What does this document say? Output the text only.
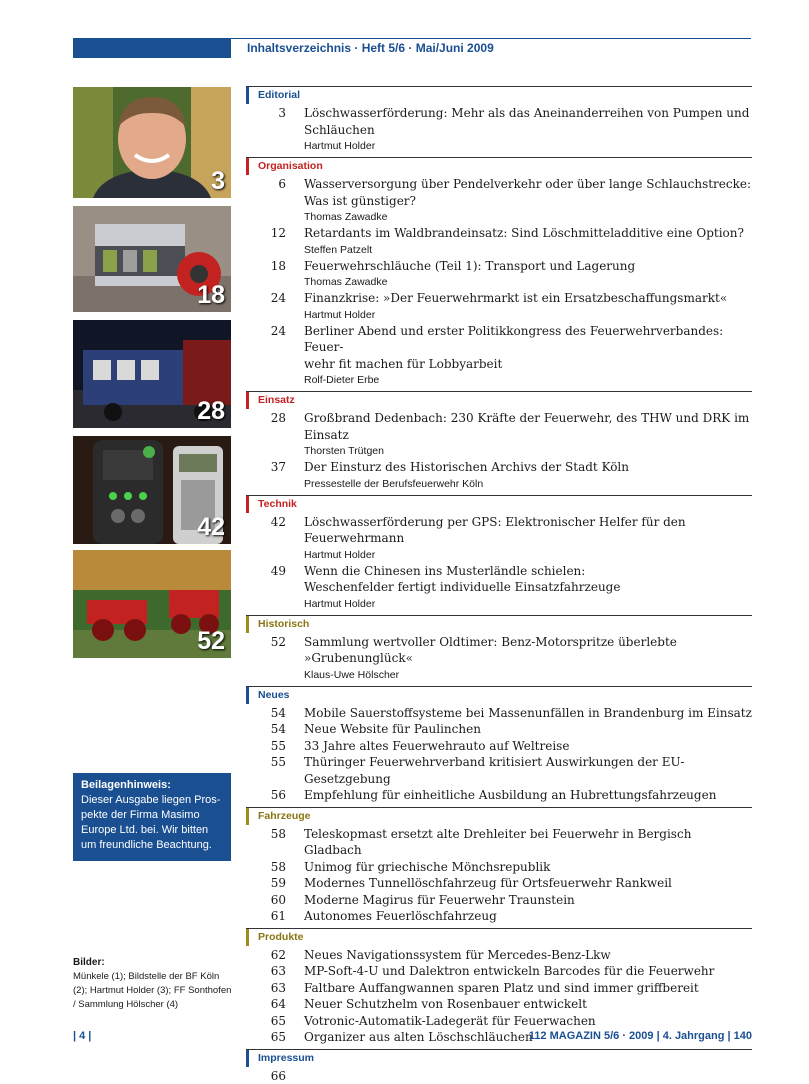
Inhaltsverzeichnis · Heft 5/6 · Mai/Juni 2009
3
18
28
42
52
Editorial
3 Löschwasserförderung: Mehr als das Aneinanderreihen von Pumpen und Schläuchen
Hartmut Holder
Organisation
6 Wasserversorgung über Pendelverkehr oder über lange Schlauchstrecke:
Was ist günstiger?
Thomas Zawadke
12 Retardants im Waldbrandeinsatz: Sind Löschmitteladditive eine Option?
Steffen Patzelt
18 Feuerwehrschläuche (Teil 1): Transport und Lagerung
Thomas Zawadke
24 Finanzkrise: »Der Feuerwehrmarkt ist ein Ersatzbeschaffungsmarkt«
Hartmut Holder
24 Berliner Abend und erster Politikkongress des Feuerwehrverbandes: Feuer-
wehr fit machen für Lobbyarbeit
Rolf-Dieter Erbe
Einsatz
28 Großbrand Dedenbach: 230 Kräfte der Feuerwehr, des THW und DRK im Einsatz
Thorsten Trütgen
37 Der Einsturz des Historischen Archivs der Stadt Köln
Pressestelle der Berufsfeuerwehr Köln
Technik
42 Löschwasserförderung per GPS: Elektronischer Helfer für den Feuerwehrmann
Hartmut Holder
49 Wenn die Chinesen ins Musterländle schielen:
Weschenfelder fertigt individuelle Einsatzfahrzeuge
Hartmut Holder
Historisch
52 Sammlung wertvoller Oldtimer: Benz-Motorspritze überlebte »Grubenunglück«
Klaus-Uwe Hölscher
Neues
54 Mobile Sauerstoffsysteme bei Massenunfällen in Brandenburg im Einsatz
54 Neue Website für Paulinchen
55 33 Jahre altes Feuerwehrauto auf Weltreise
55 Thüringer Feuerwehrverband kritisiert Auswirkungen der EU-Gesetzgebung
56 Empfehlung für einheitliche Ausbildung an Hubrettungsfahrzeugen
Fahrzeuge
58 Teleskopmast ersetzt alte Drehleiter bei Feuerwehr in Bergisch Gladbach
58 Unimog für griechische Mönchsrepublik
59 Modernes Tunnellöschfahrzeug für Ortsfeuerwehr Rankweil
60 Moderne Magirus für Feuerwehr Traunstein
61 Autonomes Feuerlöschfahrzeug
Produkte
62 Neues Navigationssystem für Mercedes-Benz-Lkw
63 MP-Soft-4-U und Dalektron entwickeln Barcodes für die Feuerwehr
63 Faltbare Auffangwannen sparen Platz und sind immer griffbereit
64 Neuer Schutzhelm von Rosenbauer entwickelt
65 Votronic-Automatik-Ladegerät für Feuerwachen
65 Organizer aus alten Löschschläuchen
Impressum
66
Beilagenhinweis:
Dieser Ausgabe liegen Pros-
pekte der Firma Masimo
Europe Ltd. bei. Wir bitten
um freundliche Beachtung.
Bilder:
Münkele (1); Bildstelle der BF Köln
(2); Hartmut Holder (3); FF Sonthofen
/ Sammlung Hölscher (4)
| 4 |	112 MAGAZIN 5/6 · 2009 | 4. Jahrgang | 140
